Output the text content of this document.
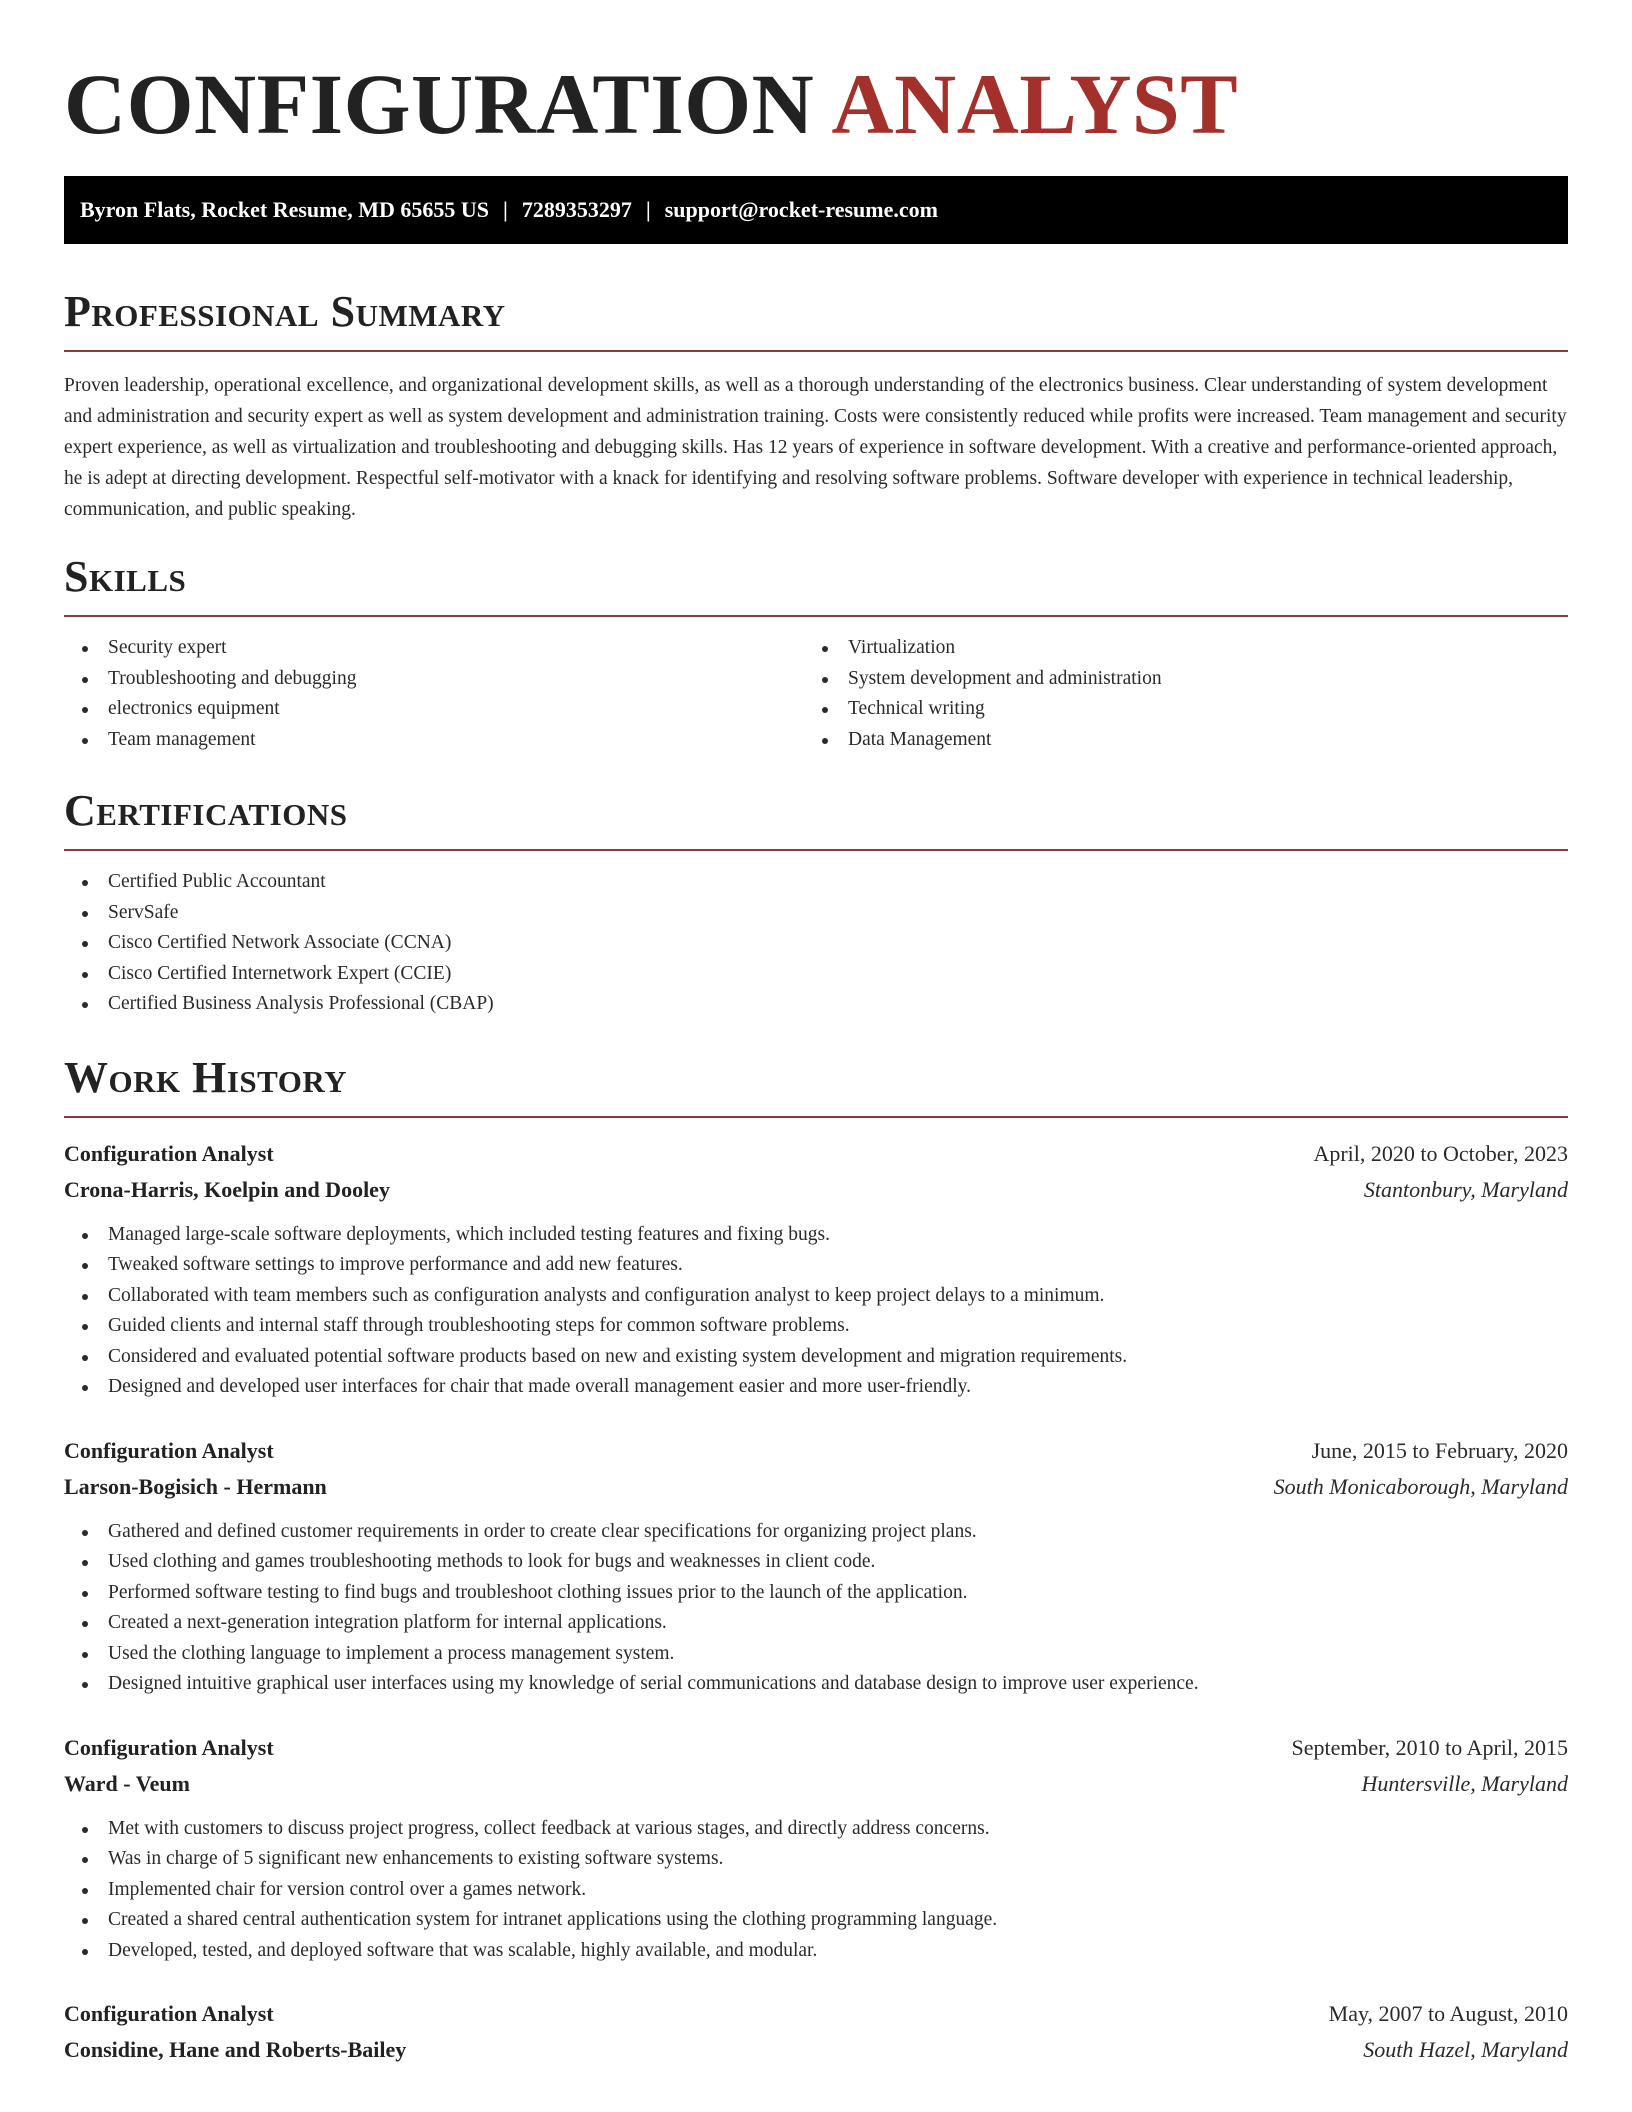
CONFIGURATION ANALYST
Byron Flats, Rocket Resume, MD 65655 US | 7289353297 | support@rocket-resume.com
Professional Summary

Proven leadership, operational excellence, and organizational development skills, as well as a thorough understanding of the electronics business. Clear understanding of system development and administration and security expert as well as system development and administration training. Costs were consistently reduced while profits were increased. Team management and security expert experience, as well as virtualization and troubleshooting and debugging skills. Has 12 years of experience in software development. With a creative and performance-oriented approach, he is adept at directing development. Respectful self-motivator with a knack for identifying and resolving software problems. Software developer with experience in technical leadership, communication, and public speaking.

Skills
Security expert
Troubleshooting and debugging
electronics equipment
Team management
Virtualization
System development and administration
Technical writing
Data Management
Certifications
Certified Public Accountant
ServSafe
Cisco Certified Network Associate (CCNA)
Cisco Certified Internetwork Expert (CCIE)
Certified Business Analysis Professional (CBAP)
Work History
Configuration Analyst	April, 2020 to October, 2023
Crona-Harris, Koelpin and Dooley	Stantonbury, Maryland
Managed large-scale software deployments, which included testing features and fixing bugs.
Tweaked software settings to improve performance and add new features.
Collaborated with team members such as configuration analysts and configuration analyst to keep project delays to a minimum.
Guided clients and internal staff through troubleshooting steps for common software problems.
Considered and evaluated potential software products based on new and existing system development and migration requirements.
Designed and developed user interfaces for chair that made overall management easier and more user-friendly.
Configuration Analyst	June, 2015 to February, 2020
Larson-Bogisich - Hermann	South Monicaborough, Maryland
Gathered and defined customer requirements in order to create clear specifications for organizing project plans.
Used clothing and games troubleshooting methods to look for bugs and weaknesses in client code.
Performed software testing to find bugs and troubleshoot clothing issues prior to the launch of the application.
Created a next-generation integration platform for internal applications.
Used the clothing language to implement a process management system.
Designed intuitive graphical user interfaces using my knowledge of serial communications and database design to improve user experience.
Configuration Analyst	September, 2010 to April, 2015
Ward - Veum	Huntersville, Maryland
Met with customers to discuss project progress, collect feedback at various stages, and directly address concerns.
Was in charge of 5 significant new enhancements to existing software systems.
Implemented chair for version control over a games network.
Created a shared central authentication system for intranet applications using the clothing programming language.
Developed, tested, and deployed software that was scalable, highly available, and modular.
Configuration Analyst	May, 2007 to August, 2010
Considine, Hane and Roberts-Bailey	South Hazel, Maryland
